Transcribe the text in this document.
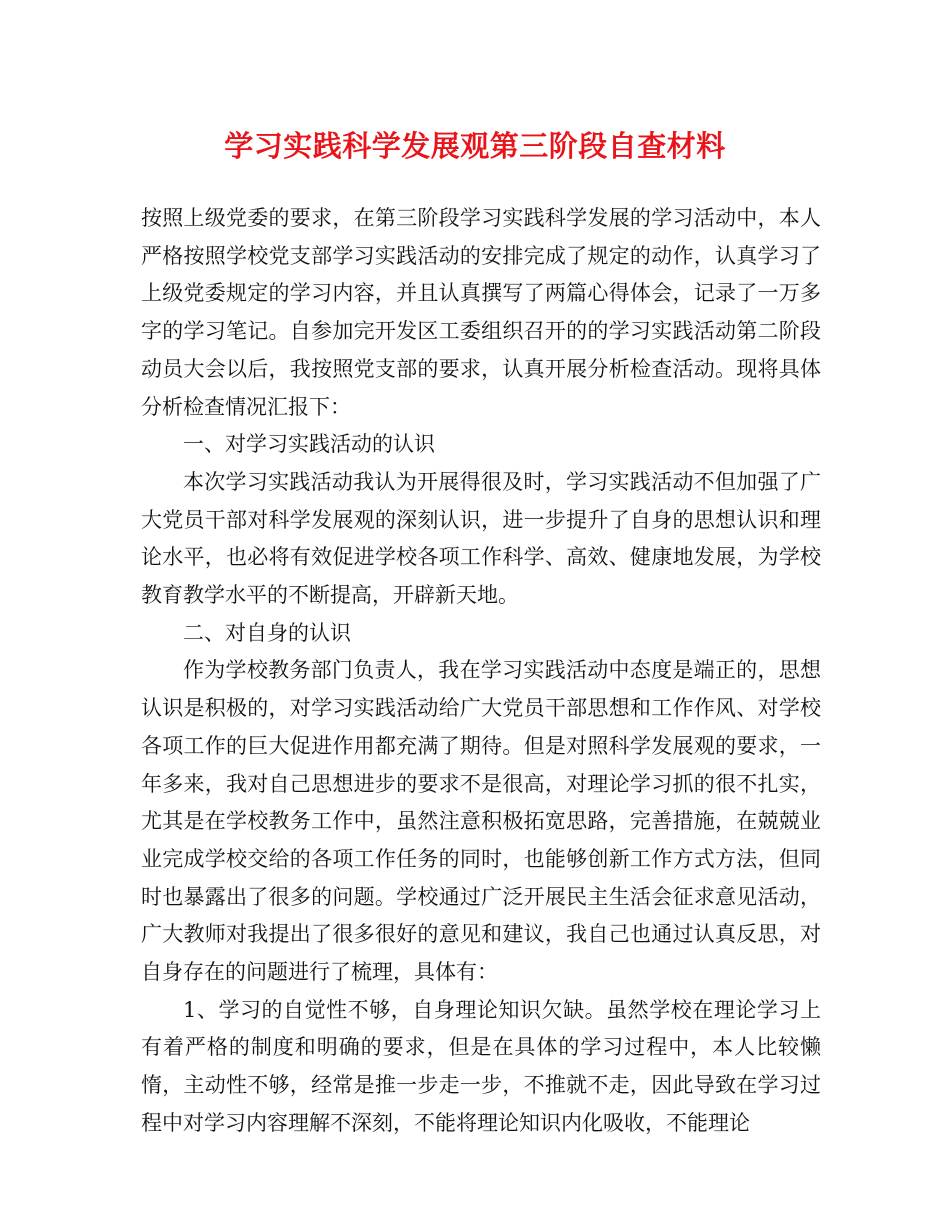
学习实践科学发展观第三阶段自查材料

按照上级党委的要求，在第三阶段学习实践科学发展的学习活动中，本人严格按照学校党支部学习实践活动的安排完成了规定的动作，认真学习了上级党委规定的学习内容，并且认真撰写了两篇心得体会，记录了一万多字的学习笔记。自参加完开发区工委组织召开的的学习实践活动第二阶段动员大会以后，我按照党支部的要求，认真开展分析检查活动。现将具体分析检查情况汇报下：

一、对学习实践活动的认识

本次学习实践活动我认为开展得很及时，学习实践活动不但加强了广大党员干部对科学发展观的深刻认识，进一步提升了自身的思想认识和理论水平，也必将有效促进学校各项工作科学、高效、健康地发展，为学校教育教学水平的不断提高，开辟新天地。

二、对自身的认识

作为学校教务部门负责人，我在学习实践活动中态度是端正的，思想认识是积极的，对学习实践活动给广大党员干部思想和工作作风、对学校各项工作的巨大促进作用都充满了期待。但是对照科学发展观的要求，一年多来，我对自己思想进步的要求不是很高，对理论学习抓的很不扎实，尤其是在学校教务工作中，虽然注意积极拓宽思路，完善措施，在兢兢业业完成学校交给的各项工作任务的同时，也能够创新工作方式方法，但同时也暴露出了很多的问题。学校通过广泛开展民主生活会征求意见活动，广大教师对我提出了很多很好的意见和建议，我自己也通过认真反思，对自身存在的问题进行了梳理，具体有：

1、学习的自觉性不够，自身理论知识欠缺。虽然学校在理论学习上有着严格的制度和明确的要求，但是在具体的学习过程中，本人比较懒惰，主动性不够，经常是推一步走一步，不推就不走，因此导致在学习过程中对学习内容理解不深刻，不能将理论知识内化吸收，不能理论
